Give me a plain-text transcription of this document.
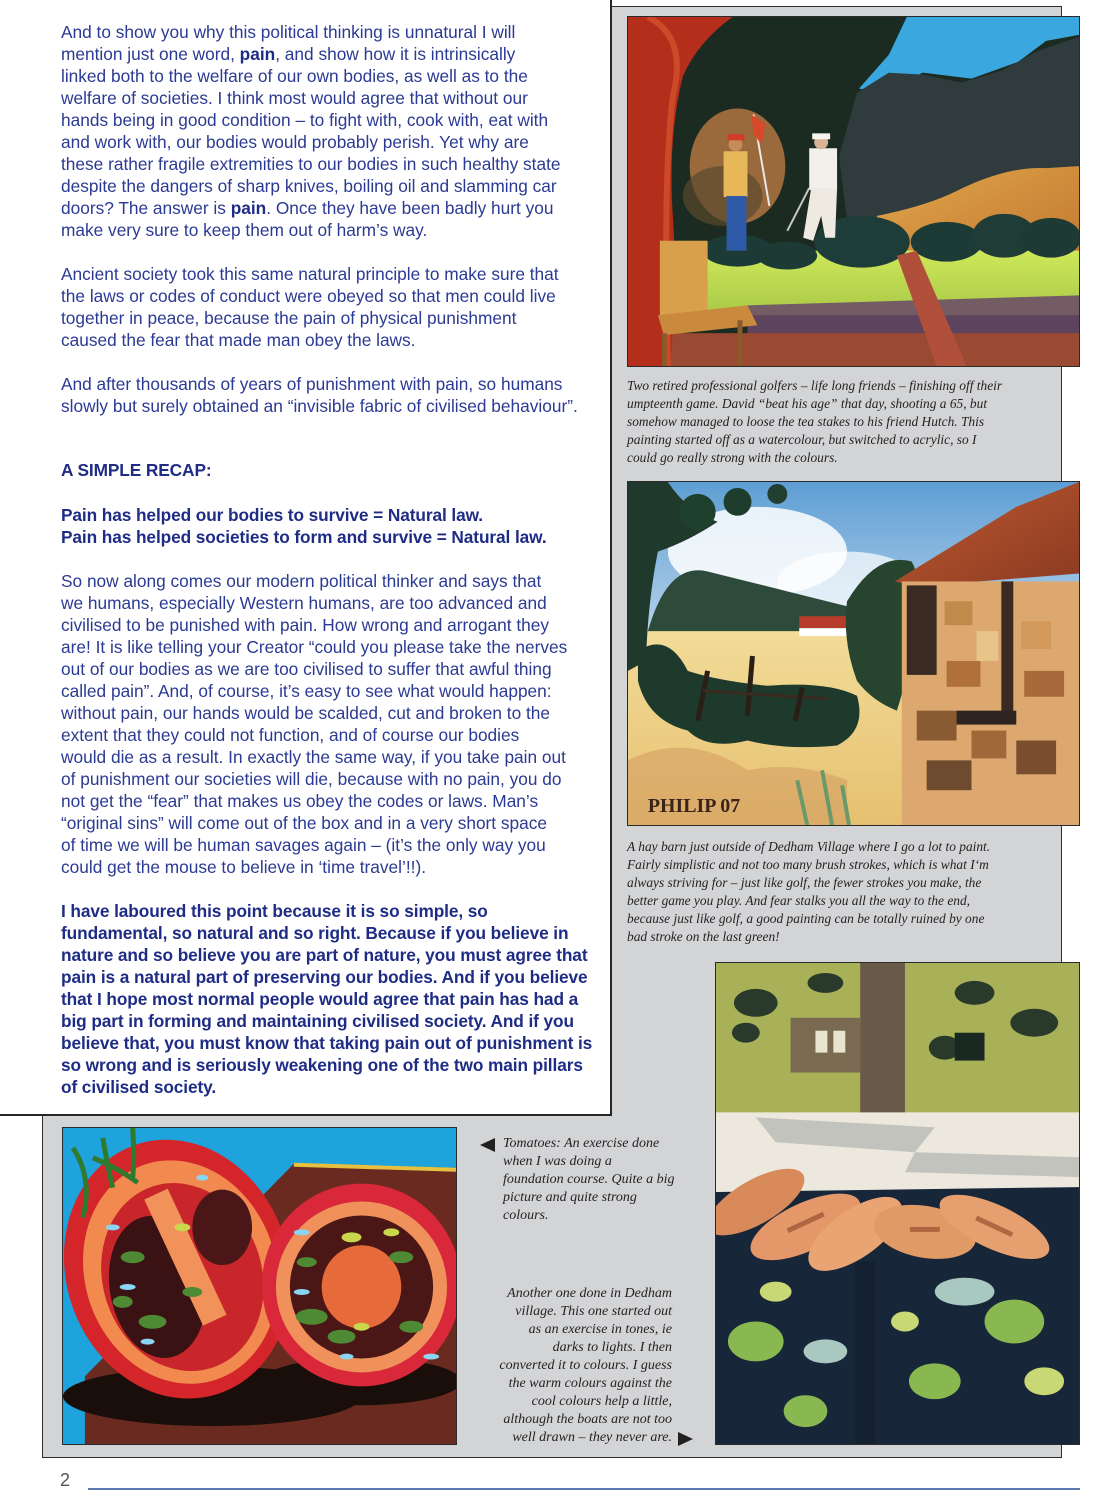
And to show you why this political thinking is unnatural I will
mention just one word, pain, and show how it is intrinsically
linked both to the welfare of our own bodies, as well as to the
welfare of societies. I think most would agree that without our
hands being in good condition – to fight with, cook with, eat with
and work with, our bodies would probably perish. Yet why are
these rather fragile extremities to our bodies in such healthy state
despite the dangers of sharp knives, boiling oil and slamming car
doors? The answer is pain. Once they have been badly hurt you
make very sure to keep them out of harm’s way.
Ancient society took this same natural principle to make sure that
the laws or codes of conduct were obeyed so that men could live
together in peace, because the pain of physical punishment
caused the fear that made man obey the laws.
And after thousands of years of punishment with pain, so humans
slowly but surely obtained an “invisible fabric of civilised behaviour”.
A SIMPLE RECAP:
Pain has helped our bodies to survive = Natural law.
Pain has helped societies to form and survive = Natural law.
So now along comes our modern political thinker and says that
we humans, especially Western humans, are too advanced and
civilised to be punished with pain. How wrong and arrogant they
are! It is like telling your Creator “could you please take the nerves
out of our bodies as we are too civilised to suffer that awful thing
called pain”. And, of course, it’s easy to see what would happen:
without pain, our hands would be scalded, cut and broken to the
extent that they could not function, and of course our bodies
would die as a result. In exactly the same way, if you take pain out
of punishment our societies will die, because with no pain, you do
not get the “fear” that makes us obey the codes or laws. Man’s
“original sins” will come out of the box and in a very short space
of time we will be human savages again – (it’s the only way you
could get the mouse to believe in ‘time travel’!!).
I have laboured this point because it is so simple, so
fundamental, so natural and so right. Because if you believe in
nature and so believe you are part of nature, you must agree that
pain is a natural part of preserving our bodies. And if you believe
that I hope most normal people would agree that pain has had a
big part in forming and maintaining civilised society. And if you
believe that, you must know that taking pain out of punishment is
so wrong and is seriously weakening one of the two main pillars
of civilised society.
Two retired professional golfers – life long friends – finishing off their
umpteenth game. David “beat his age” that day, shooting a 65, but
somehow managed to loose the tea stakes to his friend Hutch. This
painting started off as a watercolour, but switched to acrylic, so I
could go really strong with the colours.
PHILIP 07
A hay barn just outside of Dedham Village where I go a lot to paint.
Fairly simplistic and not too many brush strokes, which is what I‘m
always striving for – just like golf, the fewer strokes you make, the
better game you play. And fear stalks you all the way to the end,
because just like golf, a good painting can be totally ruined by one
bad stroke on the last green!
Tomatoes: An exercise done
when I was doing a
foundation course. Quite a big
picture and quite strong
colours.
Another one done in Dedham
village. This one started out
as an exercise in tones, ie
darks to lights. I then
converted it to colours. I guess
the warm colours against the
cool colours help a little,
although the boats are not too
well drawn – they never are.
2
